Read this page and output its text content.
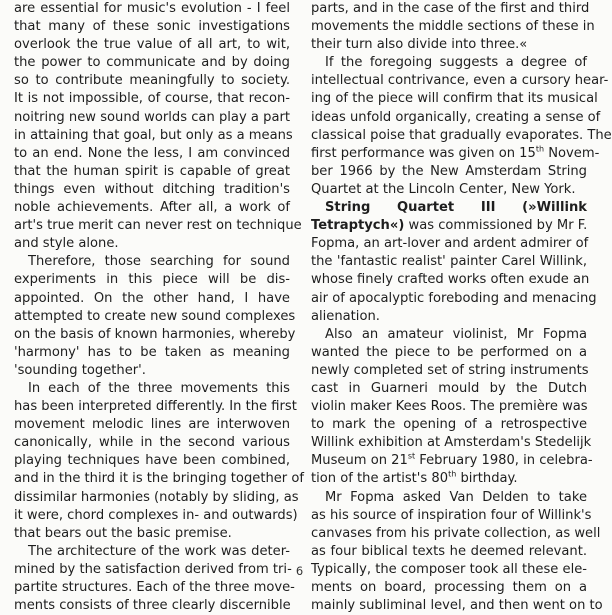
are essential for music's evolution - I feel
that many of these sonic investigations
overlook the true value of all art, to wit,
the power to communicate and by doing
so to contribute meaningfully to society.
It is not impossible, of course, that recon-
noitring new sound worlds can play a part
in attaining that goal, but only as a means
to an end. None the less, I am convinced
that the human spirit is capable of great
things even without ditching tradition's
noble achievements. After all, a work of
art's true merit can never rest on technique
and style alone.
Therefore, those searching for sound
experiments in this piece will be dis-
appointed. On the other hand, I have
attempted to create new sound complexes
on the basis of known harmonies, whereby
'harmony' has to be taken as meaning
'sounding together'.
In each of the three movements this
has been interpreted differently. In the first
movement melodic lines are interwoven
canonically, while in the second various
playing techniques have been combined,
and in the third it is the bringing together of
dissimilar harmonies (notably by sliding, as
it were, chord complexes in- and outwards)
that bears out the basic premise.
The architecture of the work was deter-
mined by the satisfaction derived from tri-
partite structures. Each of the three move-
ments consists of three clearly discernible
parts, and in the case of the first and third
movements the middle sections of these in
their turn also divide into three.«
If the foregoing suggests a degree of
intellectual contrivance, even a cursory hear-
ing of the piece will confirm that its musical
ideas unfold organically, creating a sense of
classical poise that gradually evaporates. The
first performance was given on 15th Novem-
ber 1966 by the New Amsterdam String
Quartet at the Lincoln Center, New York.
String Quartet III (»Willink
Tetraptych«) was commissioned by Mr F.
Fopma, an art-lover and ardent admirer of
the 'fantastic realist' painter Carel Willink,
whose finely crafted works often exude an
air of apocalyptic foreboding and menacing
alienation.
Also an amateur violinist, Mr Fopma
wanted the piece to be performed on a
newly completed set of string instruments
cast in Guarneri mould by the Dutch
violin maker Kees Roos. The première was
to mark the opening of a retrospective
Willink exhibition at Amsterdam's Stedelijk
Museum on 21st February 1980, in celebra-
tion of the artist's 80th birthday.
Mr Fopma asked Van Delden to take
as his source of inspiration four of Willink's
canvases from his private collection, as well
as four biblical texts he deemed relevant.
Typically, the composer took all these ele-
ments on board, processing them on a
mainly subliminal level, and then went on to
6
